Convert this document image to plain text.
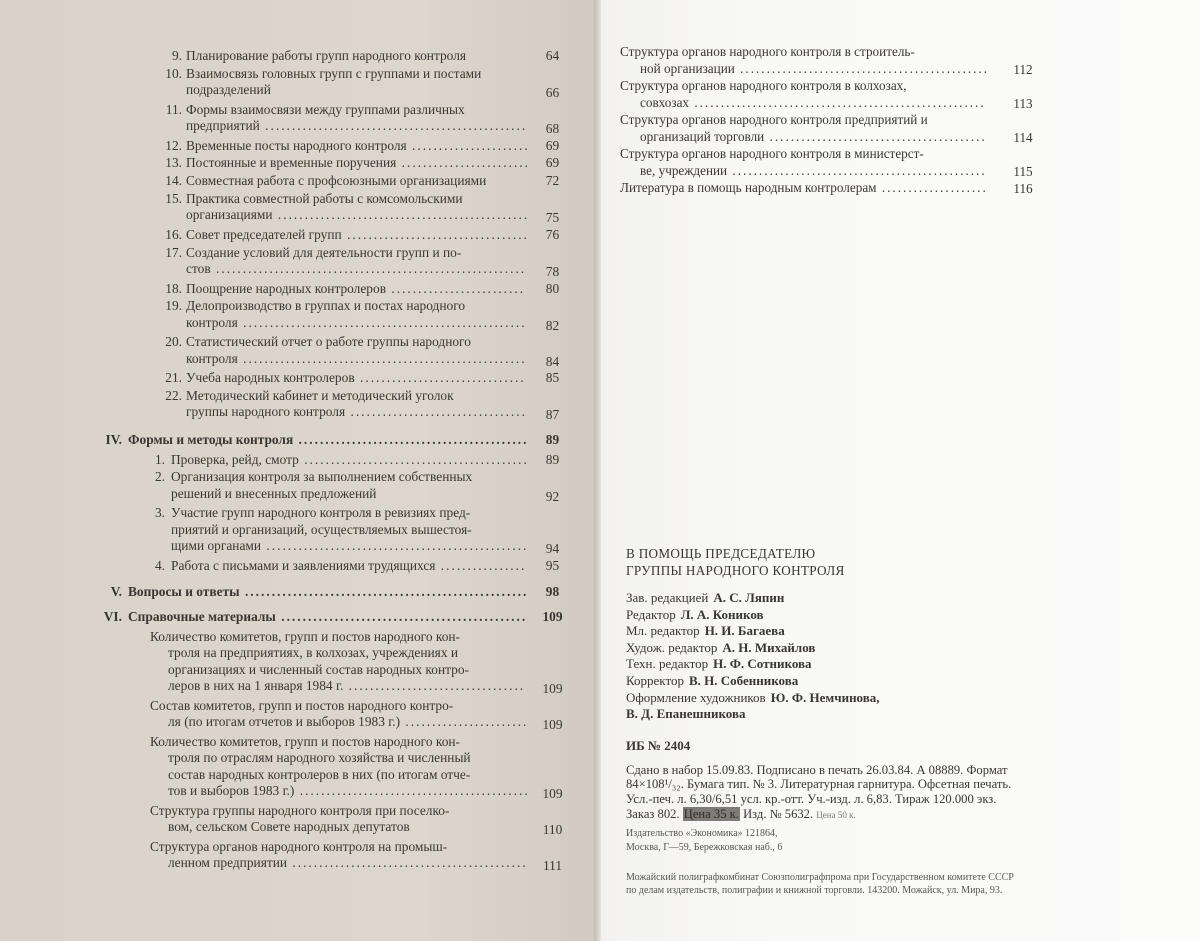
9. Планирование работы групп народного контроля	64
10. Взаимосвязь головных групп с группами и постами
подразделений	66
11. Формы взаимосвязи между группами различных
предприятий .................................................	68
12. Временные посты народного контроля ......................	69
13. Постоянные и временные поручения ........................	69
14. Совместная работа с профсоюзными организациями	72
15. Практика совместной работы с комсомольскими
организациями ...............................................	75
16. Совет председателей групп ..................................	76
17. Создание условий для деятельности групп и по-
стов ..........................................................	78
18. Поощрение народных контролеров .........................	80
19. Делопроизводство в группах и постах народного
контроля .....................................................	82
20. Статистический отчет о работе группы народного
контроля .....................................................	84
21. Учеба народных контролеров ...............................	85
22. Методический кабинет и методический уголок
группы народного контроля .................................	87
IV. Формы и методы контроля ...........................................	89
1. Проверка, рейд, смотр ..........................................	89
2. Организация контроля за выполнением собственных
решений и внесенных предложений	92
3. Участие групп народного контроля в ревизиях пред-
приятий и организаций, осуществляемых вышестоя-
щими органами .................................................	94
4. Работа с письмами и заявлениями трудящихся ................	95
V. Вопросы и ответы .....................................................	98
VI. Справочные материалы ..............................................	109
Количество комитетов, групп и постов народного кон-
троля на предприятиях, в колхозах, учреждениях и
организациях и численный состав народных контро-
леров в них на 1 января 1984 г. .................................	109
Состав комитетов, групп и постов народного контро-
ля (по итогам отчетов и выборов 1983 г.) .......................	109
Количество комитетов, групп и постов народного кон-
троля по отраслям народного хозяйства и численный
состав народных контролеров в них (по итогам отче-
тов и выборов 1983 г.) ........................................... 109
Структура группы народного контроля при поселко-
вом, сельском Совете народных депутатов	110
Структура органов народного контроля на промыш-
ленном предприятии ............................................	111
Структура органов народного контроля в строитель-
ной организации ...............................................	112
Структура органов народного контроля в колхозах,
совхозах .......................................................	113
Структура органов народного контроля предприятий и
организаций торговли .........................................	114
Структура органов народного контроля в министерст-
ве, учреждении ................................................	115
Литература в помощь народным контролерам ....................	116
В ПОМОЩЬ ПРЕДСЕДАТЕЛЮ
ГРУППЫ НАРОДНОГО КОНТРОЛЯ
Зав. редакцией А. С. Ляпин
Редактор Л. А. Коников
Мл. редактор Н. И. Багаева
Худож. редактор А. Н. Михайлов
Техн. редактор Н. Ф. Сотникова
Корректор В. Н. Собенникова
Оформление художников Ю. Ф. Немчинова,
В. Д. Епанешникова
ИБ № 2404
Сдано в набор 15.09.83. Подписано в печать 26.03.84. А 08889. Формат
84×108¹/₃₂. Бумага тип. № 3. Литературная гарнитура. Офсетная печать.
Усл.-печ. л. 6,30/6,51 усл. кр.-отт. Уч.-изд. л. 6,83. Тираж 120.000 экз.
Заказ 802. Цена 35 к. Изд. № 5632. Цена 50 к.
Издательство «Экономика» 121864,
Москва, Г—59, Бережковская наб., 6
Можайский полиграфкомбинат Союзполиграфпрома при Государственном комитете СССР
по делам издательств, полиграфии и книжной торговли. 143200. Можайск, ул. Мира, 93.
